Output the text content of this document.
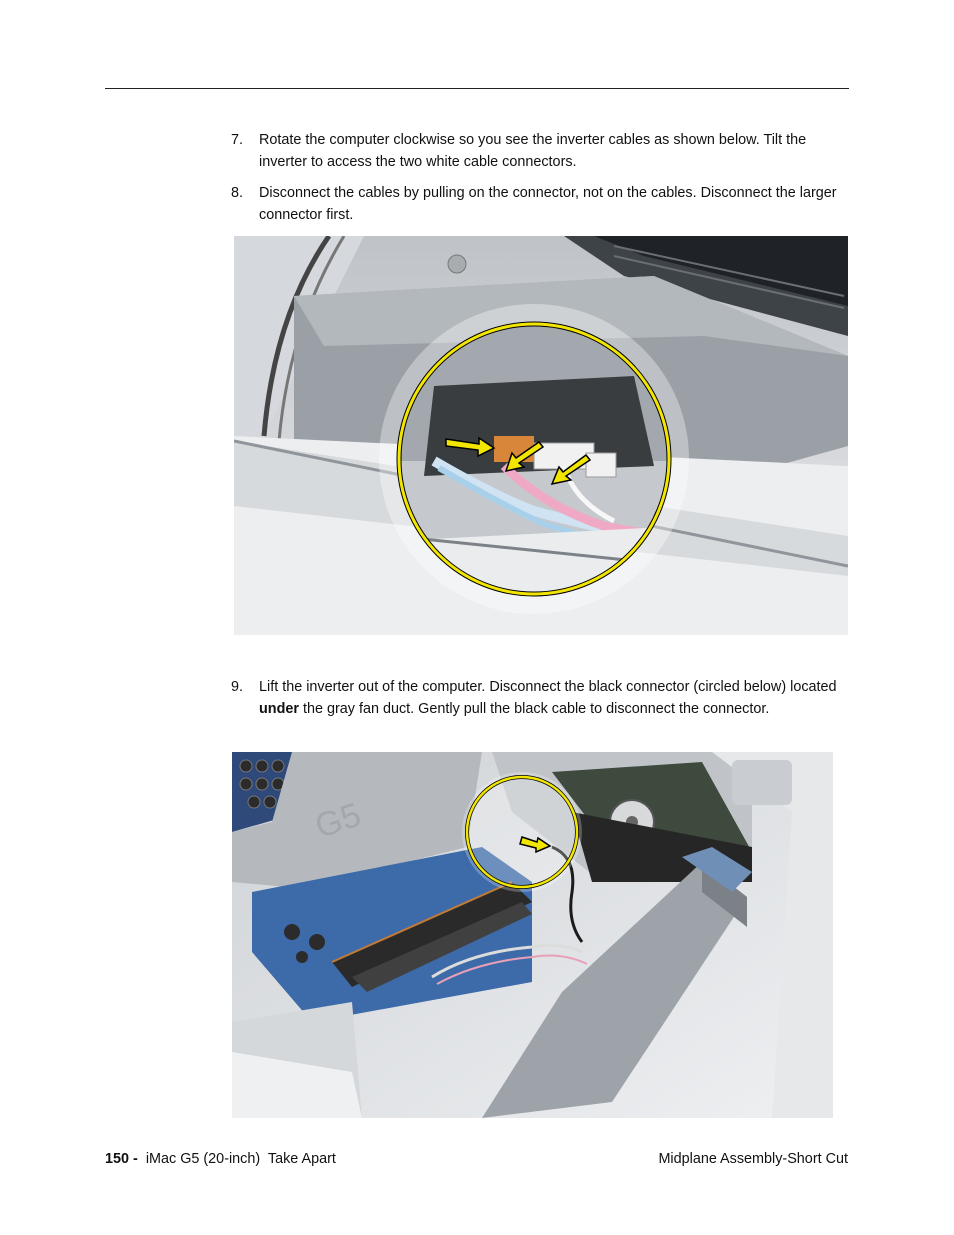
7. Rotate the computer clockwise so you see the inverter cables as shown below. Tilt the inverter to access the two white cable connectors.
8. Disconnect the cables by pulling on the connector, not on the cables. Disconnect the larger connector first.
9. Lift the inverter out of the computer. Disconnect the black connector (circled below) located under the gray fan duct. Gently pull the black cable to disconnect the connector.
G5
150 - iMac G5 (20-inch)  Take Apart	Midplane Assembly-Short Cut
